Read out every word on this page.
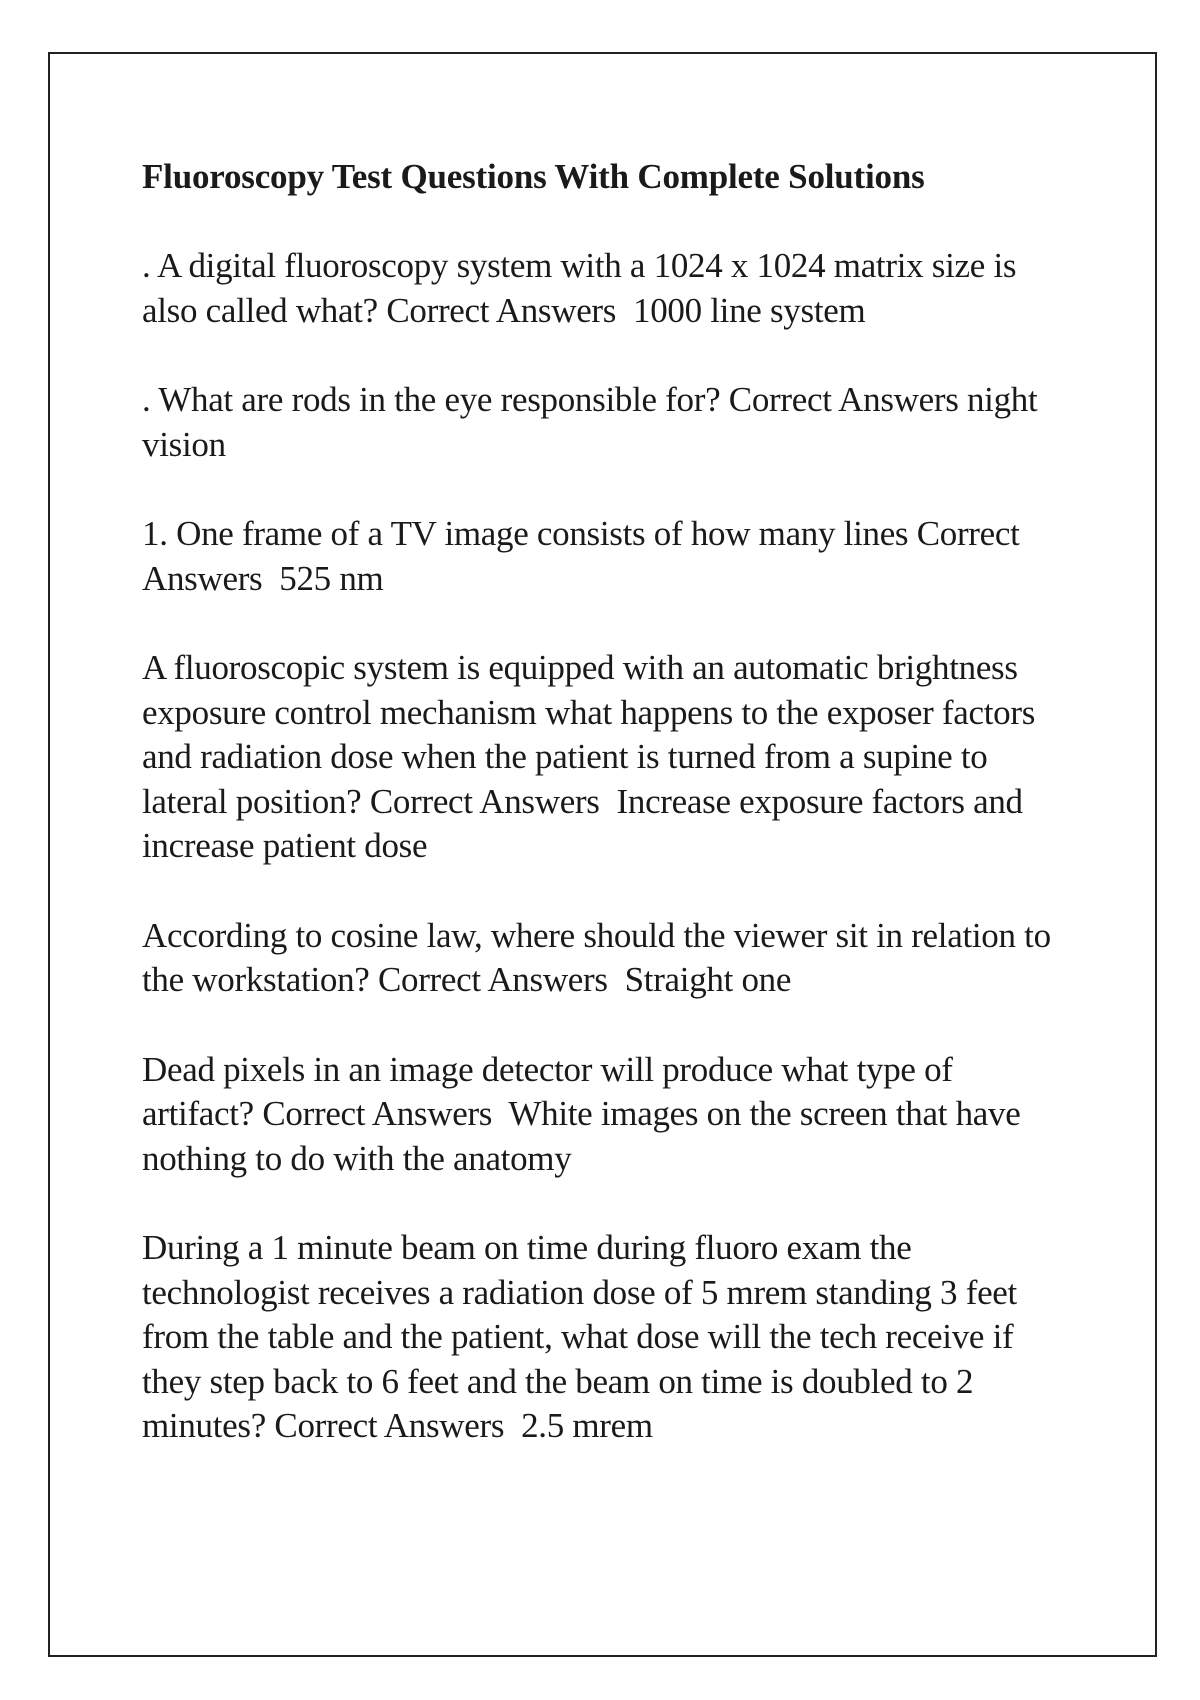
Fluoroscopy Test Questions With Complete Solutions

. A digital fluoroscopy system with a 1024 x 1024 matrix size is also called what? Correct Answers  1000 line system

. What are rods in the eye responsible for? Correct Answers night vision

1. One frame of a TV image consists of how many lines Correct Answers  525 nm

A fluoroscopic system is equipped with an automatic brightness exposure control mechanism what happens to the exposer factors and radiation dose when the patient is turned from a supine to lateral position? Correct Answers  Increase exposure factors and increase patient dose

According to cosine law, where should the viewer sit in relation to the workstation? Correct Answers  Straight one

Dead pixels in an image detector will produce what type of artifact? Correct Answers  White images on the screen that have nothing to do with the anatomy

During a 1 minute beam on time during fluoro exam the technologist receives a radiation dose of 5 mrem standing 3 feet from the table and the patient, what dose will the tech receive if they step back to 6 feet and the beam on time is doubled to 2 minutes? Correct Answers  2.5 mrem
